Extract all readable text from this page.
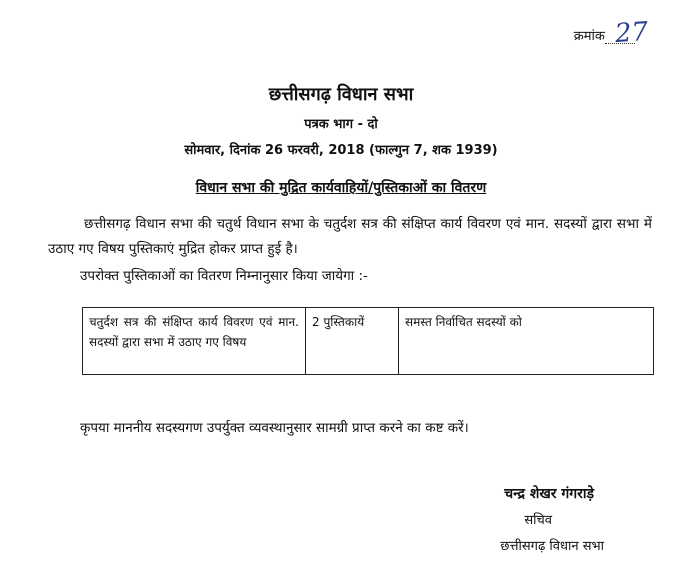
क्रमांक
27
छत्तीसगढ़ विधान सभा
पत्रक भाग - दो
सोमवार, दिनांक 26 फरवरी, 2018 (फाल्गुन 7, शक 1939)
विधान सभा की मुद्रित कार्यवाहियों/पुस्तिकाओं का वितरण
छत्तीसगढ़ विधान सभा की चतुर्थ विधान सभा के चतुर्दश सत्र की संक्षिप्त कार्य विवरण एवं मान. सदस्यों द्वारा सभा में उठाए गए विषय पुस्तिकाएं मुद्रित होकर प्राप्त हुई है।
उपरोक्त पुस्तिकाओं का वितरण निम्नानुसार किया जायेगा :-
चतुर्दश सत्र की संक्षिप्त कार्य विवरण एवं मान. सदस्यों द्वारा सभा में उठाए गए विषय	2 पुस्तिकायें	समस्त निर्वाचित सदस्यों को
कृपया माननीय सदस्यगण उपर्युक्त व्यवस्थानुसार सामग्री प्राप्त करने का कष्ट करें।
चन्द्र शेखर गंगराड़े
सचिव
छत्तीसगढ़ विधान सभा
